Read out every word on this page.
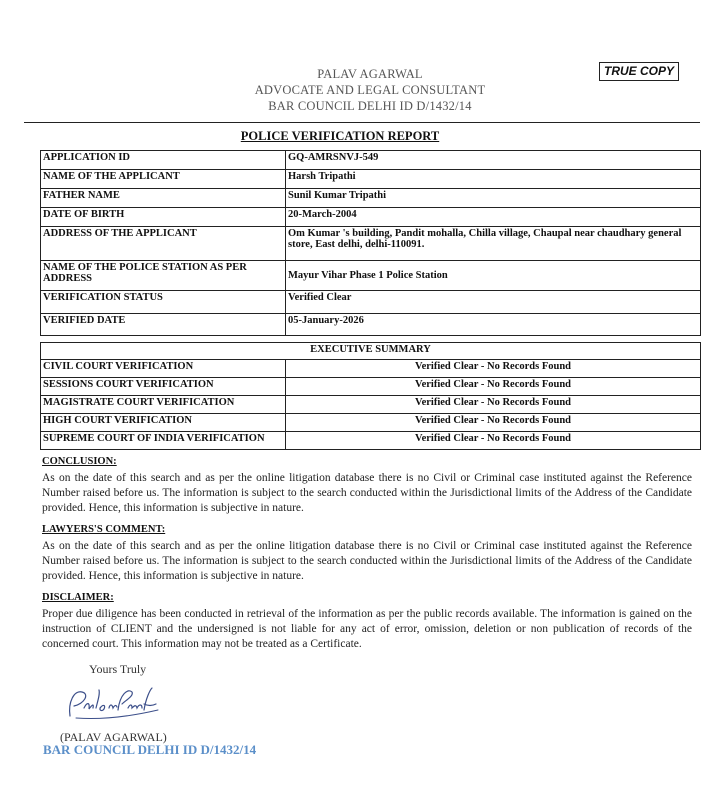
PALAV AGARWAL
ADVOCATE AND LEGAL CONSULTANT
BAR COUNCIL DELHI ID D/1432/14
TRUE COPY
POLICE VERIFICATION REPORT
APPLICATION ID	GQ-AMRSNVJ-549
NAME OF THE APPLICANT	Harsh Tripathi
FATHER NAME	Sunil Kumar Tripathi
DATE OF BIRTH	20-March-2004
ADDRESS OF THE APPLICANT	Om Kumar 's building, Pandit mohalla, Chilla village, Chaupal near chaudhary general store, East delhi, delhi-110091.
NAME OF THE POLICE STATION AS PER ADDRESS	Mayur Vihar Phase 1 Police Station
VERIFICATION STATUS	Verified Clear
VERIFIED DATE	05-January-2026
EXECUTIVE SUMMARY	
CIVIL COURT VERIFICATION	Verified Clear - No Records Found
SESSIONS COURT VERIFICATION	Verified Clear - No Records Found
MAGISTRATE COURT VERIFICATION	Verified Clear - No Records Found
HIGH COURT VERIFICATION	Verified Clear - No Records Found
SUPREME COURT OF INDIA VERIFICATION	Verified Clear - No Records Found
CONCLUSION:

As on the date of this search and as per the online litigation database there is no Civil or Criminal case instituted against the Reference Number raised before us. The information is subject to the search conducted within the Jurisdictional limits of the Address of the Candidate provided. Hence, this information is subjective in nature.

LAWYERS'S COMMENT:

As on the date of this search and as per the online litigation database there is no Civil or Criminal case instituted against the Reference Number raised before us. The information is subject to the search conducted within the Jurisdictional limits of the Address of the Candidate provided. Hence, this information is subjective in nature.

DISCLAIMER:

Proper due diligence has been conducted in retrieval of the information as per the public records available. The information is gained on the instruction of CLIENT and the undersigned is not liable for any act of error, omission, deletion or non publication of records of the concerned court. This information may not be treated as a Certificate.

Yours Truly
(PALAV AGARWAL)
BAR COUNCIL DELHI ID D/1432/14
